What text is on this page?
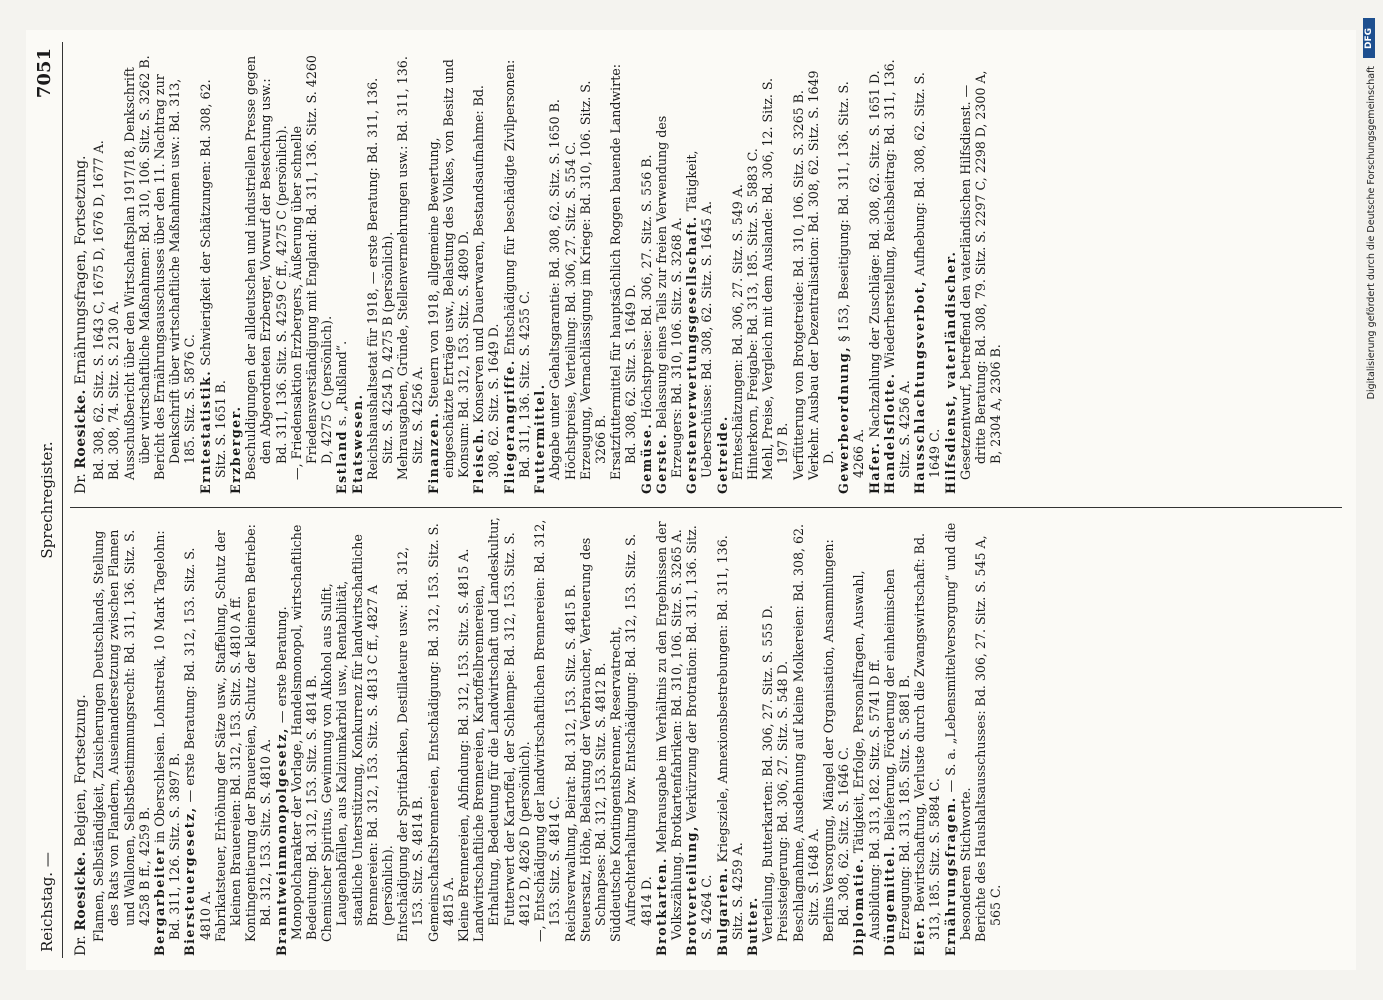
Reichstag. —
Sprechregister.
7051
Dr. Roesicke. Belgien, Fortsetzung. Flamen, Selbständigkeit, Zusicherungen Deutschlands, Stellung des Rats von Flandern, Auseinandersetzung zwischen Flamen und Wallonen, Selbstbestimmungsrecht: Bd. 311, 136. Sitz. S. 4258 B ff., 4259 B. Bergarbeiter in Oberschlesien. Lohnstreik, 10 Mark Tagelohn: Bd. 311, 126. Sitz. S. 3897 B. Biersteuergesetz, — erste Beratung: Bd. 312, 153. Sitz. S. 4810 A. Fabrikatsteuer, Erhöhung der Sätze usw., Staffelung, Schutz der kleinen Brauereien: Bd. 312, 153. Sitz. S. 4810 A ff. Kontingentierung der Brauereien, Schutz der kleineren Betriebe: Bd. 312, 153. Sitz. S. 4810 A. Branntweinmonopolgesetz, — erste Beratung. Monopolcharakter der Vorlage, Handelsmonopol, wirtschaftliche Bedeutung: Bd. 312, 153. Sitz. S. 4814 B. Chemischer Spiritus, Gewinnung von Alkohol aus Sulfit, Laugenabfällen, aus Kalziumkarbid usw., Rentabilität, staatliche Unterstützung, Konkurrenz für landwirtschaftliche Brennereien: Bd. 312, 153. Sitz. S. 4813 C ff., 4827 A (persönlich). Entschädigung der Spritfabriken, Destillateure usw.: Bd. 312, 153. Sitz. S. 4814 B. Gemeinschaftsbrennereien, Entschädigung: Bd. 312, 153. Sitz. S. 4815 A. Kleine Brennereien, Abfindung: Bd. 312, 153. Sitz. S. 4815 A. Landwirtschaftliche Brennereien, Kartoffelbrennereien, Erhaltung, Bedeutung für die Landwirtschaft und Landeskultur, Futterwert der Kartoffel, der Schlempe: Bd. 312, 153. Sitz. S. 4812 D, 4826 D (persönlich). —, Entschädigung der landwirtschaftlichen Brennereien: Bd. 312, 153. Sitz. S. 4814 C. Reichsverwaltung, Beirat: Bd. 312, 153. Sitz. S. 4815 B. Steuersatz, Höhe, Belastung der Verbraucher, Verteuerung des Schnapses: Bd. 312, 153. Sitz. S. 4812 B. Süddeutsche Kontingentsbrenner, Reservatrecht, Aufrechterhaltung bzw. Entschädigung: Bd. 312, 153. Sitz. S. 4814 D. Brotkarten. Mehrausgabe im Verhältnis zu den Ergebnissen der Volkszählung. Brotkartenfabriken: Bd. 310, 106. Sitz. S. 3265 A. Brotverteilung, Verkürzung der Brotration: Bd. 311, 136. Sitz. S. 4264 C. Bulgarien. Kriegsziele, Annexionsbestrebungen: Bd. 311, 136. Sitz. S. 4259 A. Butter. Verteilung, Butterkarten: Bd. 306, 27. Sitz. S. 555 D. Preissteigerung: Bd. 306, 27. Sitz. S. 548 D. Beschlagnahme, Ausdehnung auf kleine Molkereien: Bd. 308, 62. Sitz. S. 1648 A. Berlins Versorgung, Mängel der Organisation, Ansammlungen: Bd. 308, 62. Sitz. S. 1646 C. Diplomatie. Tätigkeit, Erfolge, Personalfragen, Auswahl, Ausbildung: Bd. 313, 182. Sitz. S. 5741 D ff. Düngemittel. Belieferung, Förderung der einheimischen Erzeugung: Bd. 313, 185. Sitz. S. 5881 B. Eier. Bewirtschaftung, Verluste durch die Zwangswirtschaft: Bd. 313, 185. Sitz. S. 5884 C. Ernährungsfragen. — S. a. „Lebensmittelversorgung“ und die besonderen Stichworte. Berichte des Haushaltsausschusses: Bd. 306, 27. Sitz. S. 545 A, 565 C.

Dr. Roesicke. Ernährungsfragen, Fortsetzung. Bd. 308, 62. Sitz. S. 1643 C, 1675 D, 1676 D, 1677 A. Bd. 308, 74. Sitz. S. 2130 A. Ausschußbericht über den Wirtschaftsplan 1917/18, Denkschrift über wirtschaftliche Maßnahmen: Bd. 310, 106. Sitz. S. 3262 B. Bericht des Ernährungsausschusses über den 11. Nachtrag zur Denkschrift über wirtschaftliche Maßnahmen usw.: Bd. 313, 185. Sitz. S. 5876 C. Erntestatistik. Schwierigkeit der Schätzungen: Bd. 308, 62. Sitz. S. 1651 B. Erzberger. Beschuldigungen der alldeutschen und industriellen Presse gegen den Abgeordneten Erzberger, Vorwurf der Bestechung usw.: Bd. 311, 136. Sitz. S. 4259 C ff., 4275 C (persönlich). —, Friedensaktion Erzbergers, Äußerung über schnelle Friedensverständigung mit England: Bd. 311, 136. Sitz. S. 4260 D, 4275 C (persönlich). Estland s. „Rußland“.

Etatswesen. Reichshaushaltsetat für 1918, — erste Beratung: Bd. 311, 136. Sitz. S. 4254 D, 4275 B (persönlich). Mehrausgaben, Gründe, Stellenvermehrungen usw.: Bd. 311, 136. Sitz. S. 4256 A. Finanzen. Steuern von 1918, allgemeine Bewertung, eingeschätzte Erträge usw., Belastung des Volkes, von Besitz und Konsum: Bd. 312, 153. Sitz. S. 4809 D. Fleisch. Konserven und Dauerwaren, Bestandsaufnahme: Bd. 308, 62. Sitz. S. 1649 D. Fliegerangriffe. Entschädigung für beschädigte Zivilpersonen: Bd. 311, 136. Sitz. S. 4255 C. Futtermittel. Abgabe unter Gehaltsgarantie: Bd. 308, 62. Sitz. S. 1650 B. Höchstpreise, Verteilung: Bd. 306, 27. Sitz. S. 554 C. Erzeugung, Vernachlässigung im Kriege: Bd. 310, 106. Sitz. S. 3266 B. Ersatzfuttermittel für hauptsächlich Roggen bauende Landwirte: Bd. 308, 62. Sitz. S. 1649 D. Gemüse. Höchstpreise: Bd. 306, 27. Sitz. S. 556 B.

Gerste. Belassung eines Teils zur freien Verwendung des Erzeugers: Bd. 310, 106. Sitz. S. 3268 A. Gerstenverwertungsgesellschaft. Tätigkeit, Ueberschüsse: Bd. 308, 62. Sitz. S. 1645 A. Getreide. Ernteschätzungen: Bd. 306, 27. Sitz. S. 549 A. Hinterkorn, Freigabe: Bd. 313, 185. Sitz. S. 5883 C. Mehl, Preise, Vergleich mit dem Auslande: Bd. 306, 12. Sitz. S. 197 B. Verfütterung von Brotgetreide: Bd. 310, 106. Sitz. S. 3265 B. Verkehr. Ausbau der Dezentralisation: Bd. 308, 62. Sitz. S. 1649 D. Gewerbeordnung, § 153, Beseitigung: Bd. 311, 136. Sitz. S. 4266 A. Hafer. Nachzahlung der Zuschläge: Bd. 308, 62. Sitz. S. 1651 D. Handelsflotte. Wiederherstellung, Reichsbeitrag: Bd. 311, 136. Sitz. S. 4256 A. Hausschlachtungsverbot, Aufhebung: Bd. 308, 62. Sitz. S. 1649 C. Hilfsdienst, vaterländischer. Gesetzentwurf, betreffend den vaterländischen Hilfsdienst. — dritte Beratung: Bd. 308, 79. Sitz. S. 2297 C, 2298 D, 2300 A, B, 2304 A, 2306 B.

DFG
Digitalisierung gefördert durch die Deutsche Forschungsgemeinschaft
